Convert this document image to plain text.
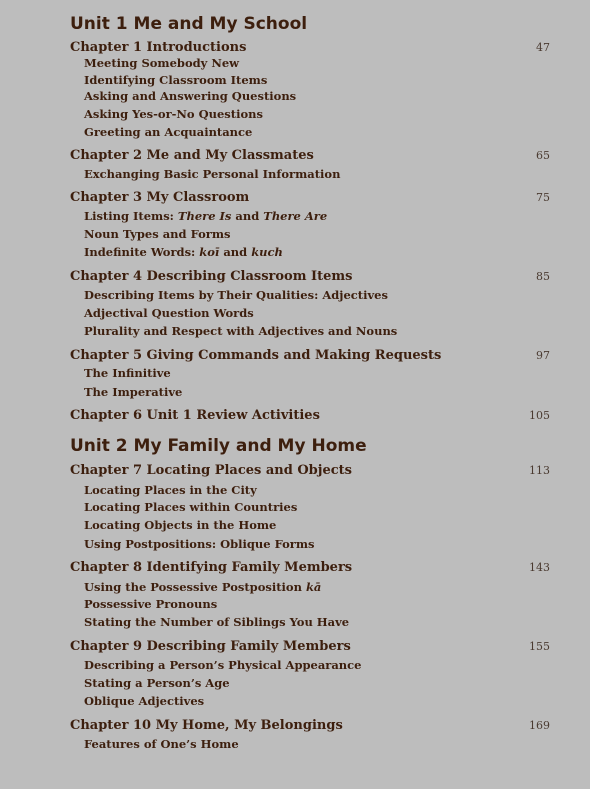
Unit 1 Me and My School
Chapter 1 Introductions	47
Meeting Somebody New
Identifying Classroom Items
Asking and Answering Questions
Asking Yes-or-No Questions
Greeting an Acquaintance
Chapter 2 Me and My Classmates	65
Exchanging Basic Personal Information
Chapter 3 My Classroom	75
Listing Items: There Is and There Are
Noun Types and Forms
Indefinite Words: koī and kuch
Chapter 4 Describing Classroom Items	85
Describing Items by Their Qualities: Adjectives
Adjectival Question Words
Plurality and Respect with Adjectives and Nouns
Chapter 5 Giving Commands and Making Requests	97
The Infinitive
The Imperative
Chapter 6 Unit 1 Review Activities	105
Unit 2 My Family and My Home
Chapter 7 Locating Places and Objects	113
Locating Places in the City
Locating Places within Countries
Locating Objects in the Home
Using Postpositions: Oblique Forms
Chapter 8 Identifying Family Members	143
Using the Possessive Postposition kā
Possessive Pronouns
Stating the Number of Siblings You Have
Chapter 9 Describing Family Members	155
Describing a Person’s Physical Appearance
Stating a Person’s Age
Oblique Adjectives
Chapter 10 My Home, My Belongings	169
Features of One’s Home
